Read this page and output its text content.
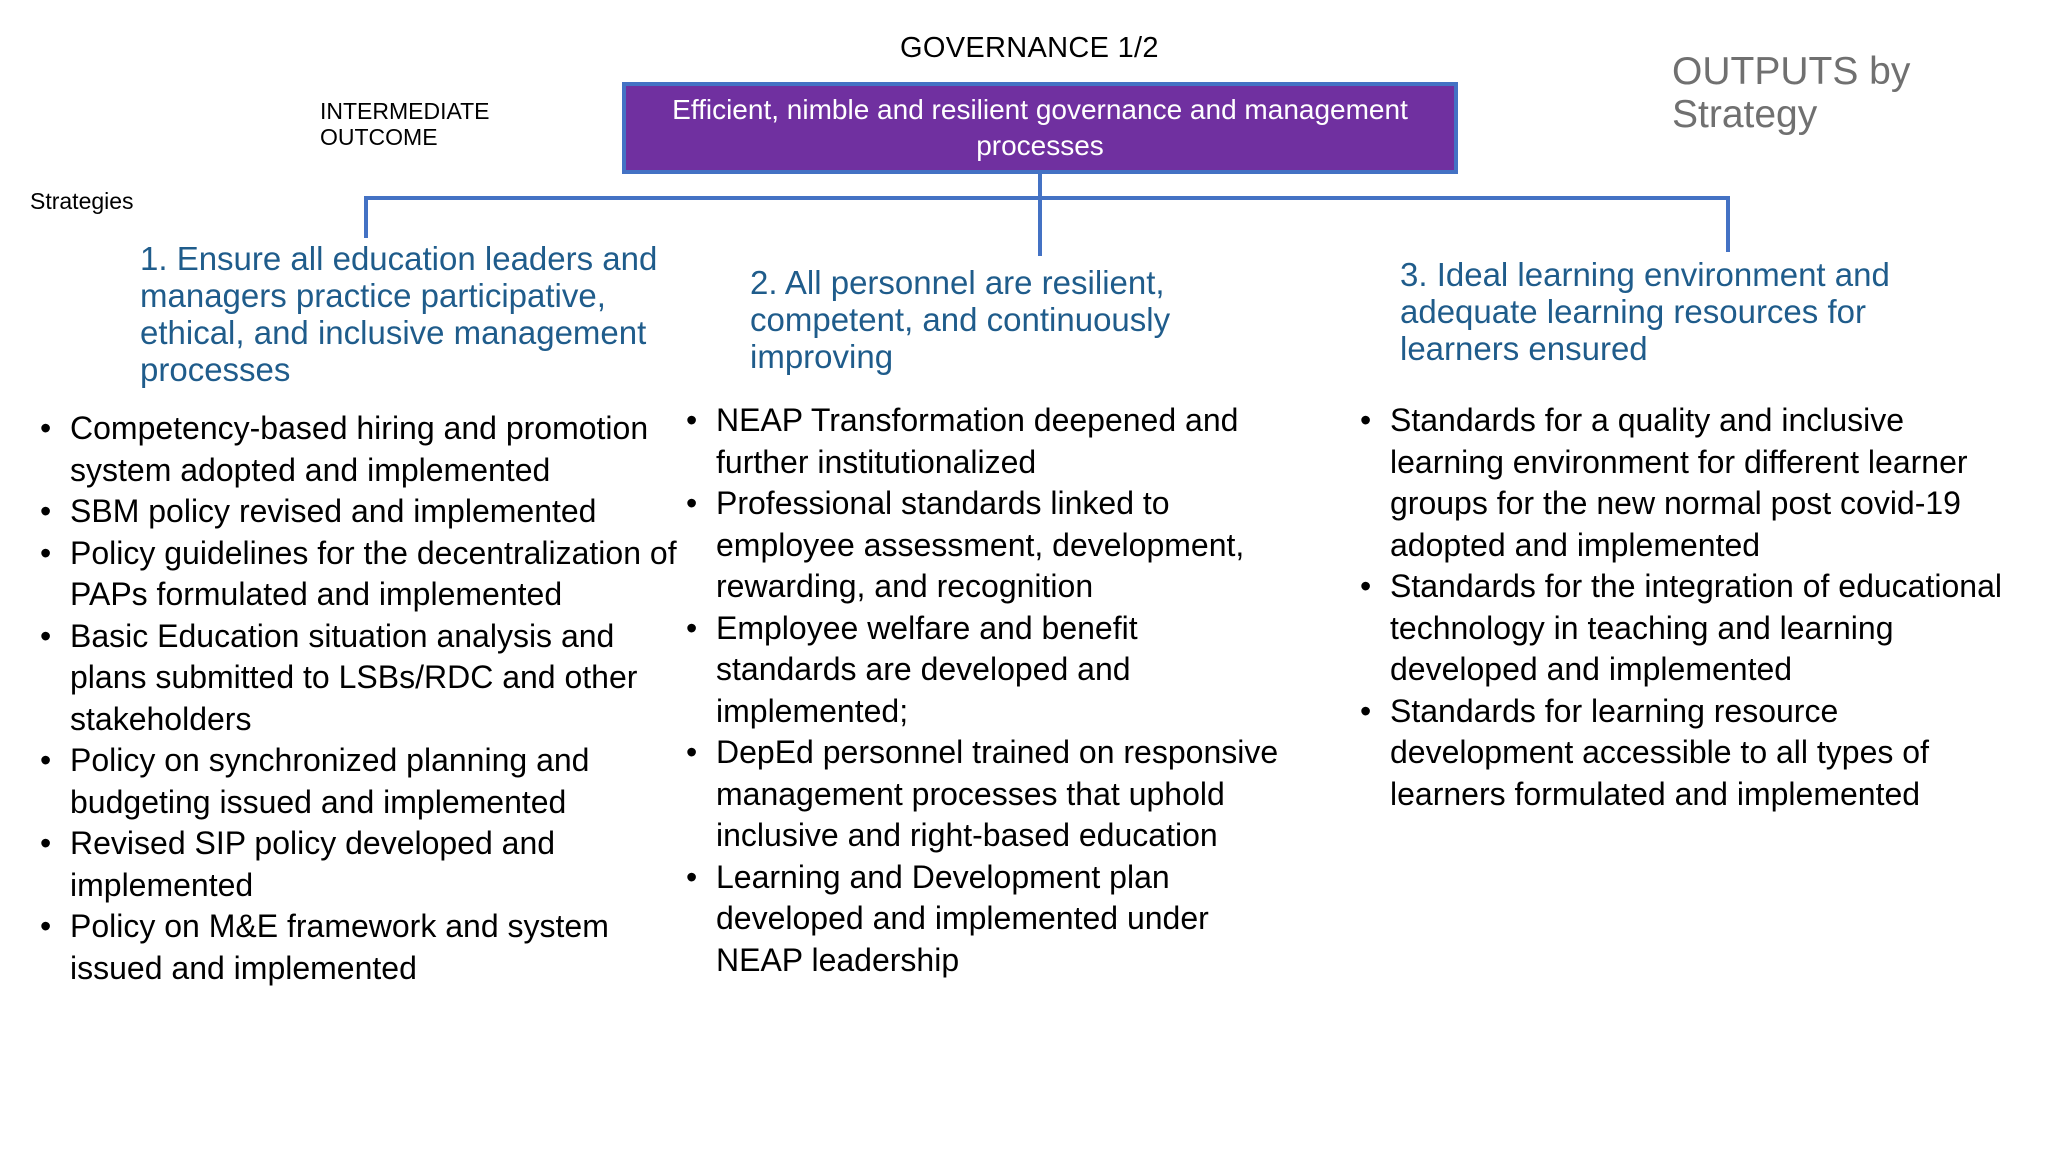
GOVERNANCE 1/2
OUTPUTS by Strategy
INTERMEDIATE OUTCOME
Strategies
Efficient, nimble and resilient governance and management processes
1. Ensure all education leaders and managers practice participative, ethical, and inclusive management processes
2. All personnel are resilient, competent, and continuously improving
3. Ideal learning environment and adequate learning resources for learners ensured
• Competency-based hiring and promotion system adopted and implemented
• SBM policy revised and implemented
• Policy guidelines for the decentralization of PAPs formulated and implemented
• Basic Education situation analysis and plans submitted to LSBs/RDC and other stakeholders
• Policy on synchronized planning and budgeting issued and implemented
• Revised SIP policy developed and implemented
• Policy on M&E framework and system issued and implemented
• NEAP Transformation deepened and further institutionalized
• Professional standards linked to employee assessment, development, rewarding, and recognition
• Employee welfare and benefit standards are developed and implemented;
• DepEd personnel trained on responsive management processes that uphold inclusive and right-based education
• Learning and Development plan developed and implemented under NEAP leadership
• Standards for a quality and inclusive learning environment for different learner groups for the new normal post covid-19 adopted and implemented
• Standards for the integration of educational technology in teaching and learning developed and implemented
• Standards for learning resource development accessible to all types of learners formulated and implemented
